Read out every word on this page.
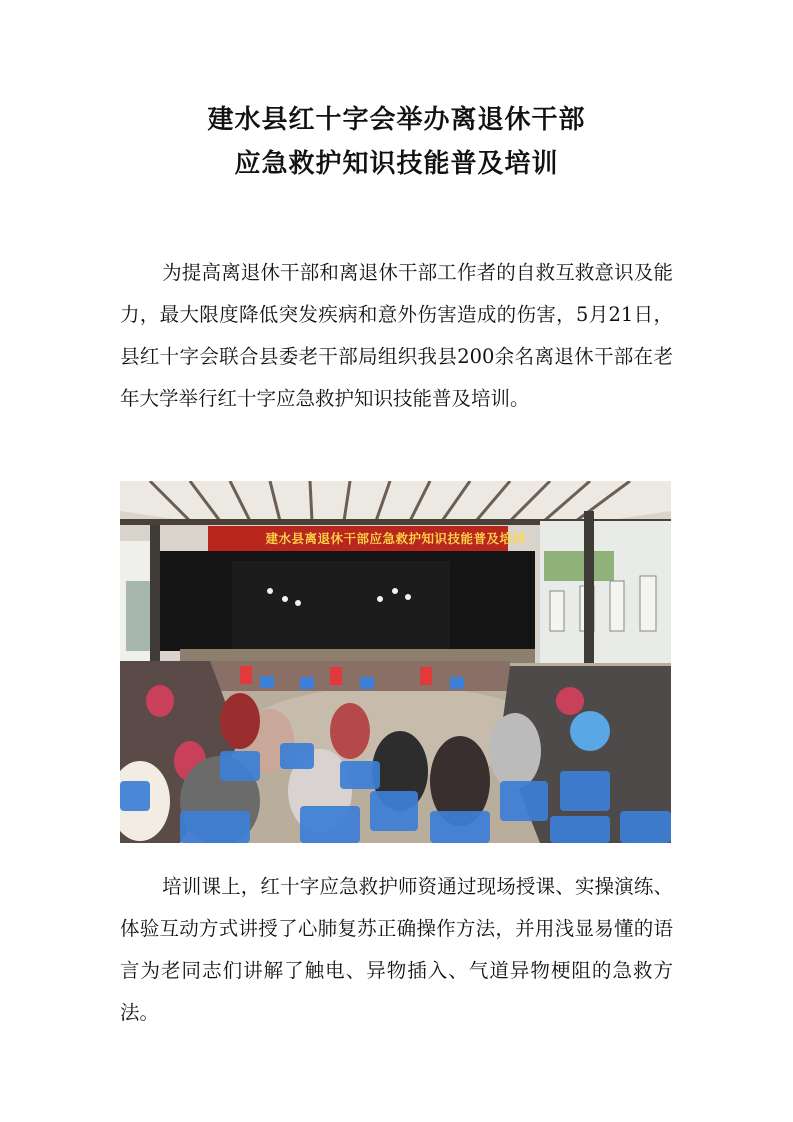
建水县红十字会举办离退休干部
应急救护知识技能普及培训
为提高离退休干部和离退休干部工作者的自救互救意识及能力，最大限度降低突发疾病和意外伤害造成的伤害，5月21日，县红十字会联合县委老干部局组织我县200余名离退休干部在老年大学举行红十字应急救护知识技能普及培训。
建水县离退休干部应急救护知识技能普及培训
培训课上，红十字应急救护师资通过现场授课、实操演练、体验互动方式讲授了心肺复苏正确操作方法，并用浅显易懂的语言为老同志们讲解了触电、异物插入、气道异物梗阻的急救方法。
